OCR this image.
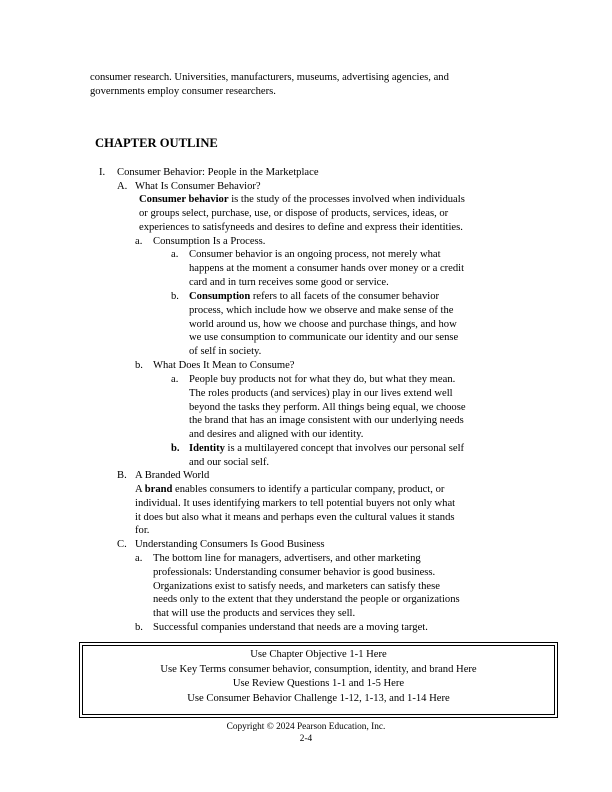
consumer research. Universities, manufacturers, museums, advertising agencies, and
governments employ consumer researchers.
CHAPTER OUTLINE
I. Consumer Behavior: People in the Marketplace
A. What Is Consumer Behavior?
Consumer behavior is the study of the processes involved when individuals
or groups select, purchase, use, or dispose of products, services, ideas, or
experiences to satisfyneeds and desires to define and express their identities.
a. Consumption Is a Process.
a. Consumer behavior is an ongoing process, not merely what
happens at the moment a consumer hands over money or a credit
card and in turn receives some good or service.
b. Consumption refers to all facets of the consumer behavior
process, which include how we observe and make sense of the
world around us, how we choose and purchase things, and how
we use consumption to communicate our identity and our sense
of self in society.
b. What Does It Mean to Consume?
a. People buy products not for what they do, but what they mean.
The roles products (and services) play in our lives extend well
beyond the tasks they perform. All things being equal, we choose
the brand that has an image consistent with our underlying needs
and desires and aligned with our identity.
b. Identity is a multilayered concept that involves our personal self
and our social self.
B. A Branded World
A brand enables consumers to identify a particular company, product, or
individual. It uses identifying markers to tell potential buyers not only what
it does but also what it means and perhaps even the cultural values it stands
for.
C. Understanding Consumers Is Good Business
a. The bottom line for managers, advertisers, and other marketing
professionals: Understanding consumer behavior is good business.
Organizations exist to satisfy needs, and marketers can satisfy these
needs only to the extent that they understand the people or organizations
that will use the products and services they sell.
b. Successful companies understand that needs are a moving target.
Use Chapter Objective 1-1 Here
Use Key Terms consumer behavior, consumption, identity, and brand Here
Use Review Questions 1-1 and 1-5 Here
Use Consumer Behavior Challenge 1-12, 1-13, and 1-14 Here
Copyright © 2024 Pearson Education, Inc.
2-4
